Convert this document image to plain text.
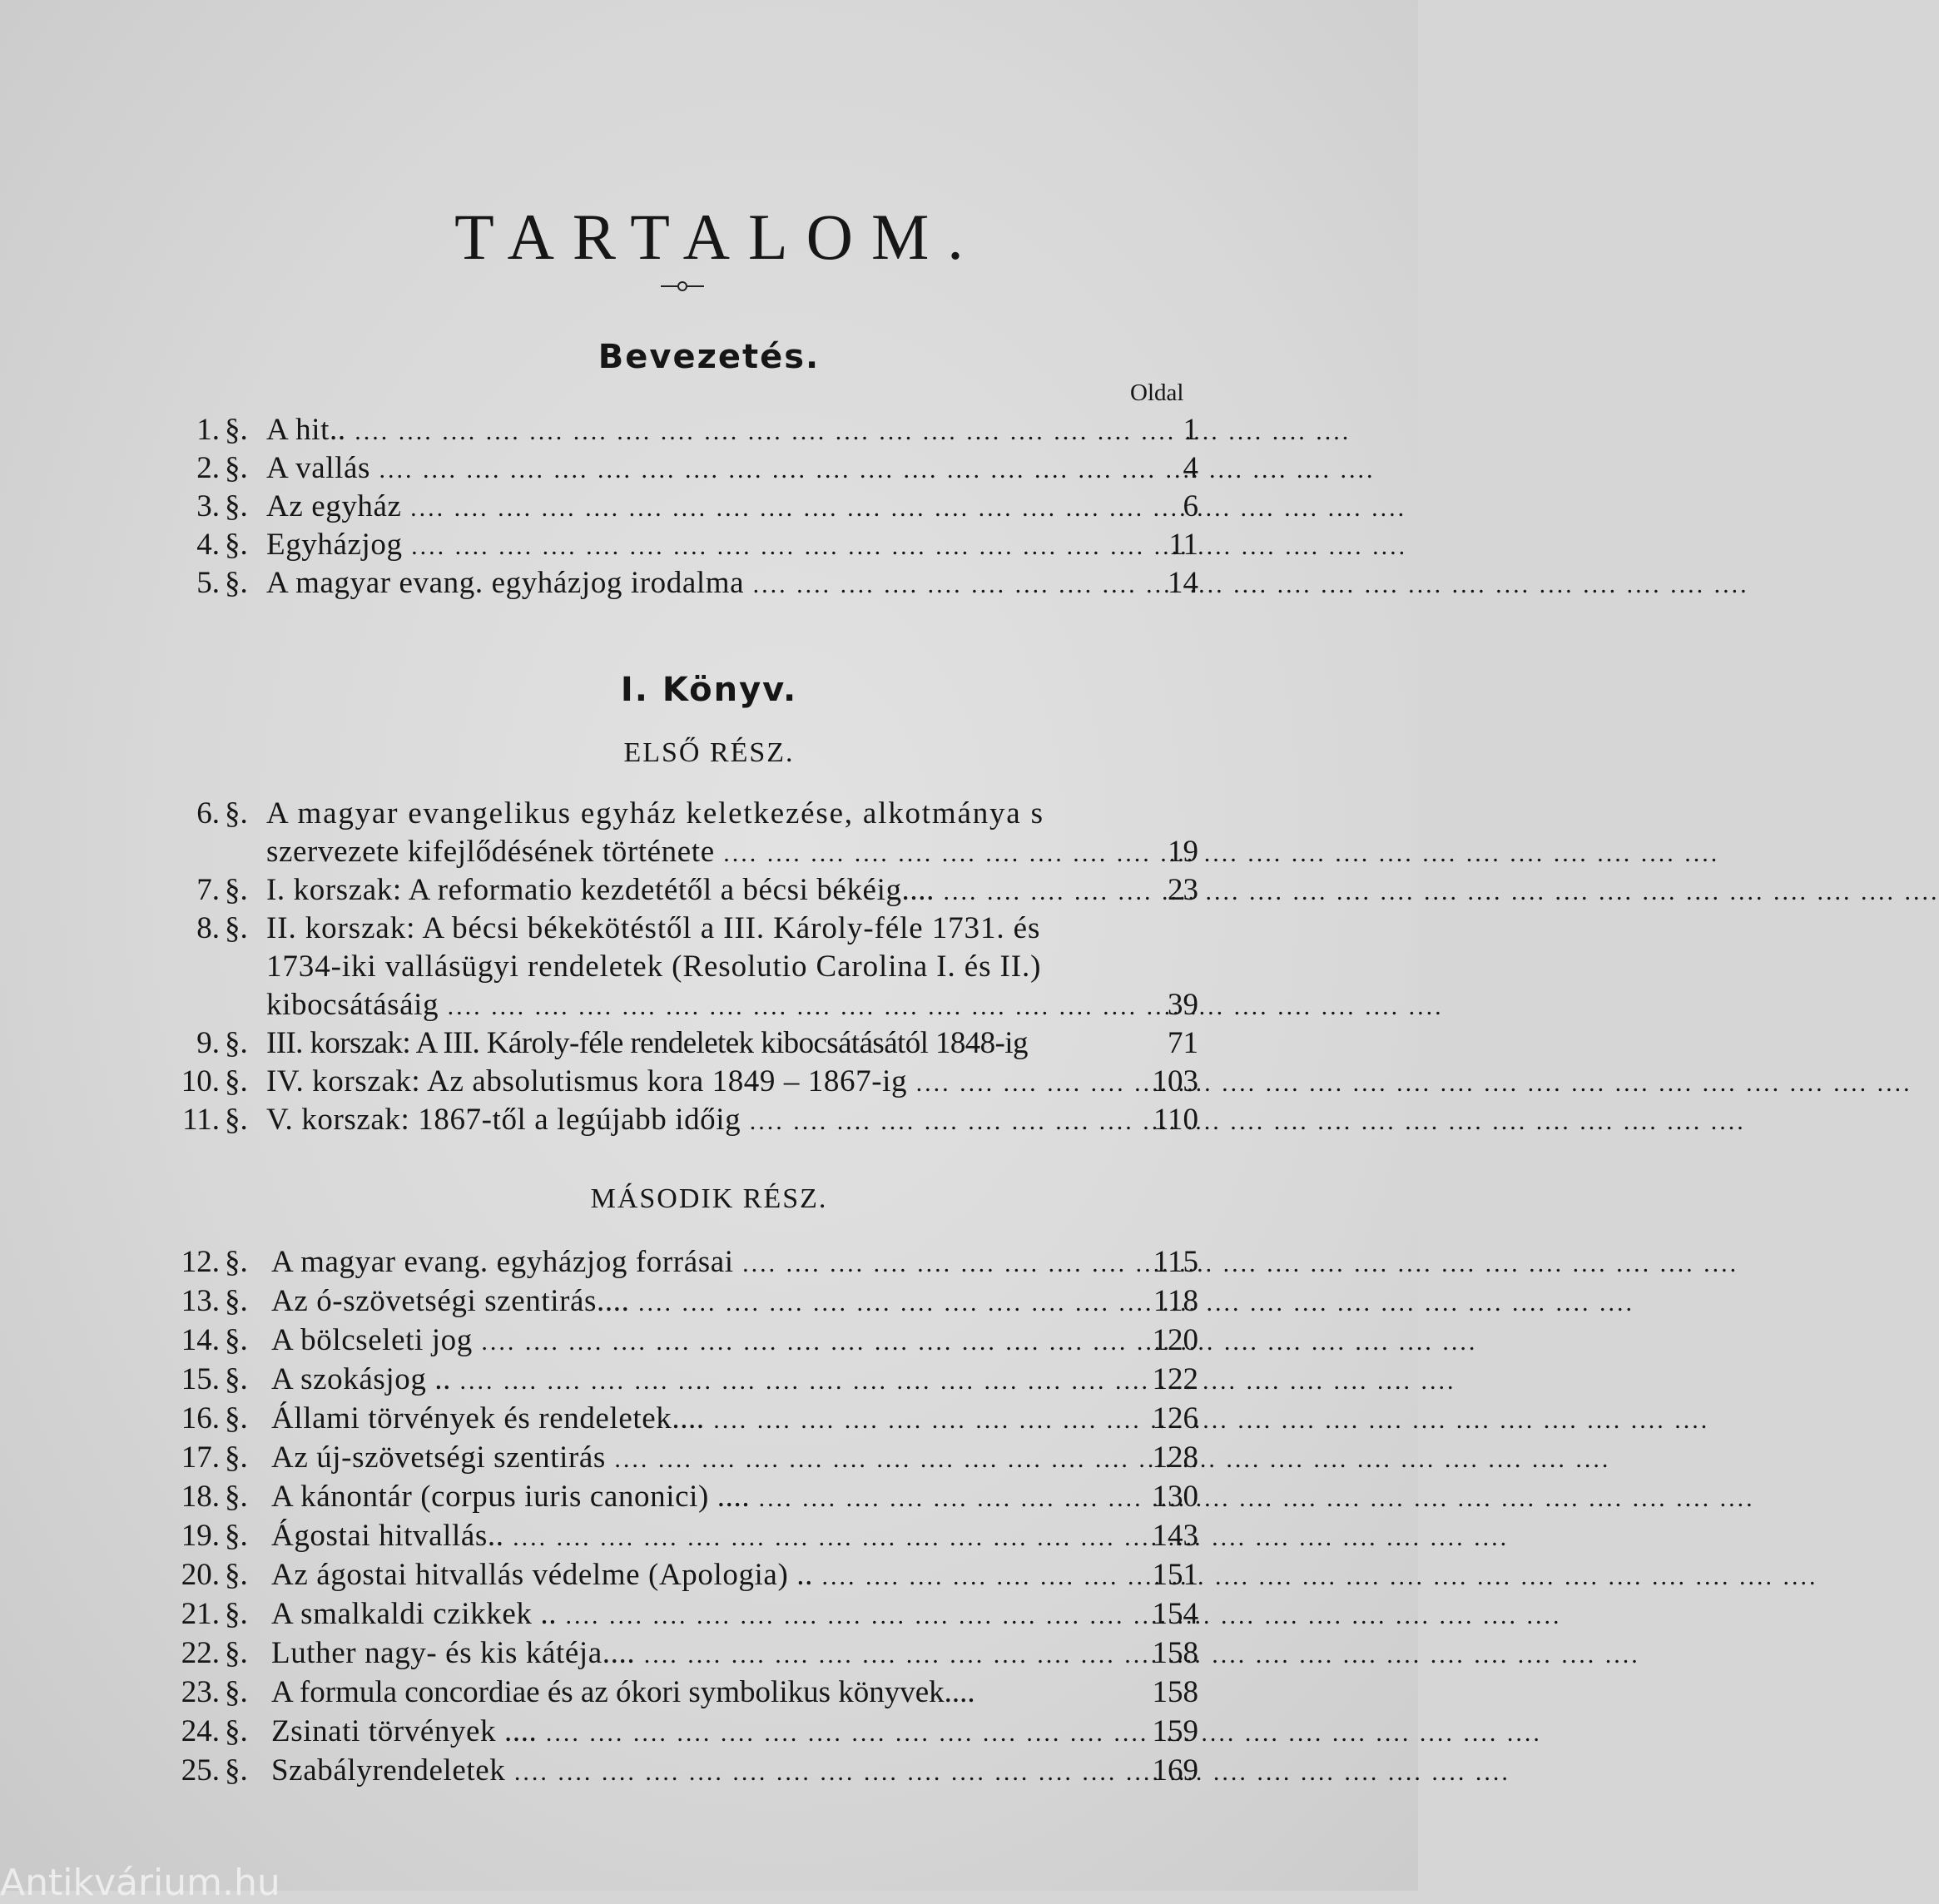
TARTALOM.
Bevezetés.
Oldal
1. §. A hit.. ....	1
2. §. A vallás ....	4
3. §. Az egyház ....	6
4. §. Egyházjog ....	11
5. §. A magyar evang. egyházjog irodalma ....	14
I. Könyv.
ELSŐ RÉSZ.
6. §. A magyar evangelikus egyház keletkezése, alkotmánya s
szervezete kifejlődésének története ....	19
7. §. I. korszak: A reformatio kezdetétől a bécsi békéig.... ....	23
8. §. II. korszak: A bécsi békekötéstől a III. Károly-féle 1731. és
1734-iki vallásügyi rendeletek (Resolutio Carolina I. és II.)
kibocsátásáig ....	39
9. §. III. korszak: A III. Károly-féle rendeletek kibocsátásától 1848-ig	71
10. §. IV. korszak: Az absolutismus kora 1849 – 1867-ig ....	103
11. §. V. korszak: 1867-től a legújabb időig ....	110
MÁSODIK RÉSZ.
12. §. A magyar evang. egyházjog forrásai ....	115
13. §. Az ó-szövetségi szentirás.... ....	118
14. §. A bölcseleti jog ....	120
15. §. A szokásjog .. ....	122
16. §. Állami törvények és rendeletek.... ....	126
17. §. Az új-szövetségi szentirás ....	128
18. §. A kánontár (corpus iuris canonici) .... ....	130
19. §. Ágostai hitvallás.. ....	143
20. §. Az ágostai hitvallás védelme (Apologia) .. ....	151
21. §. A smalkaldi czikkek .. ....	154
22. §. Luther nagy- és kis kátéja.... ....	158
23. §. A formula concordiae és az ókori symbolikus könyvek....	158
24. §. Zsinati törvények .... ....	159
25. §. Szabályrendeletek ....	169
Antikvárium.hu
